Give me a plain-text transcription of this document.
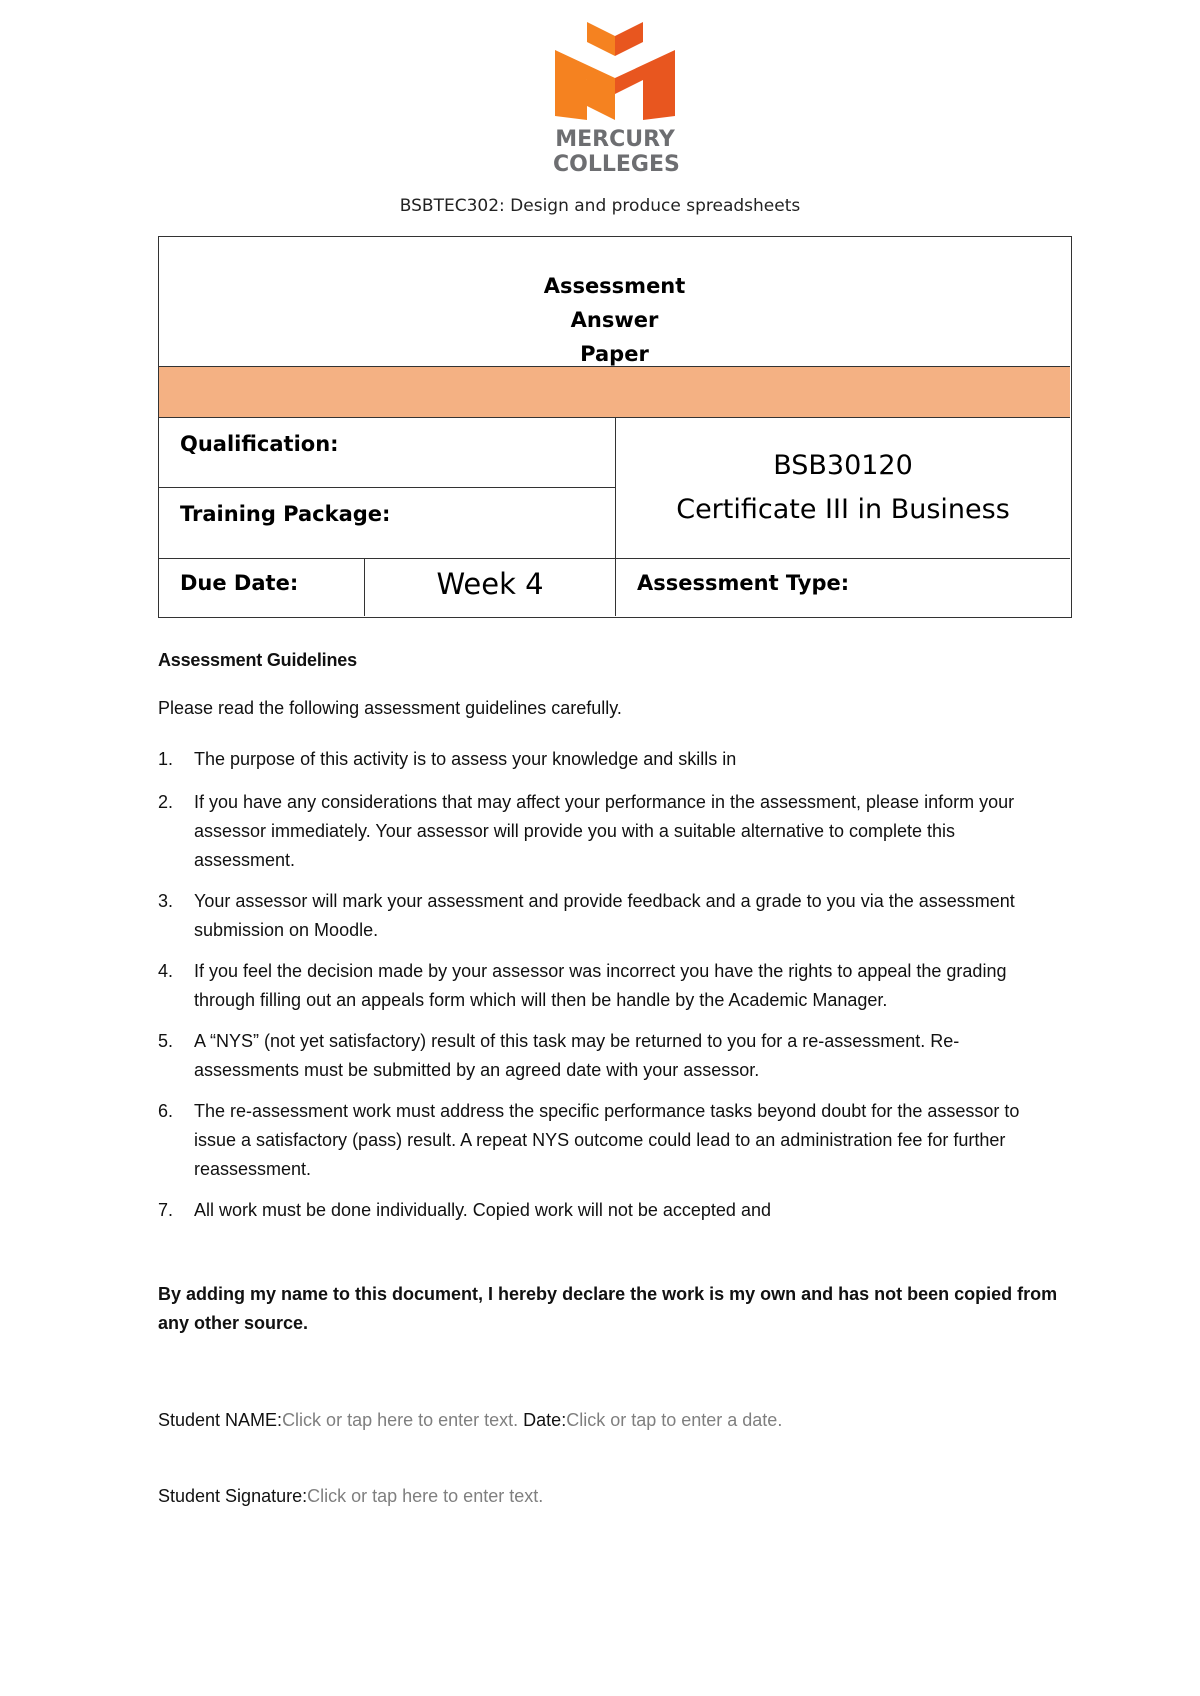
MERCURY
COLLEGES
BSBTEC302: Design and produce spreadsheets
Assessment
Answer
Paper
Qualification:
Training Package:
BSB30120
Certificate III in Business
Due Date:	Week 4	Assessment Type:
Assessment Guidelines
Please read the following assessment guidelines carefully.
1. The purpose of this activity is to assess your knowledge and skills in
2. If you have any considerations that may affect your performance in the assessment, please inform your assessor immediately. Your assessor will provide you with a suitable alternative to complete this assessment.
3. Your assessor will mark your assessment and provide feedback and a grade to you via the assessment submission on Moodle.
4. If you feel the decision made by your assessor was incorrect you have the rights to appeal the grading through filling out an appeals form which will then be handle by the Academic Manager.
5. A “NYS” (not yet satisfactory) result of this task may be returned to you for a re-assessment. Re-assessments must be submitted by an agreed date with your assessor.
6. The re-assessment work must address the specific performance tasks beyond doubt for the assessor to issue a satisfactory (pass) result. A repeat NYS outcome could lead to an administration fee for further reassessment.
7. All work must be done individually. Copied work will not be accepted and
By adding my name to this document, I hereby declare the work is my own and has not been copied from any other source.
Student NAME:Click or tap here to enter text. Date:Click or tap to enter a date.
Student Signature:Click or tap here to enter text.
